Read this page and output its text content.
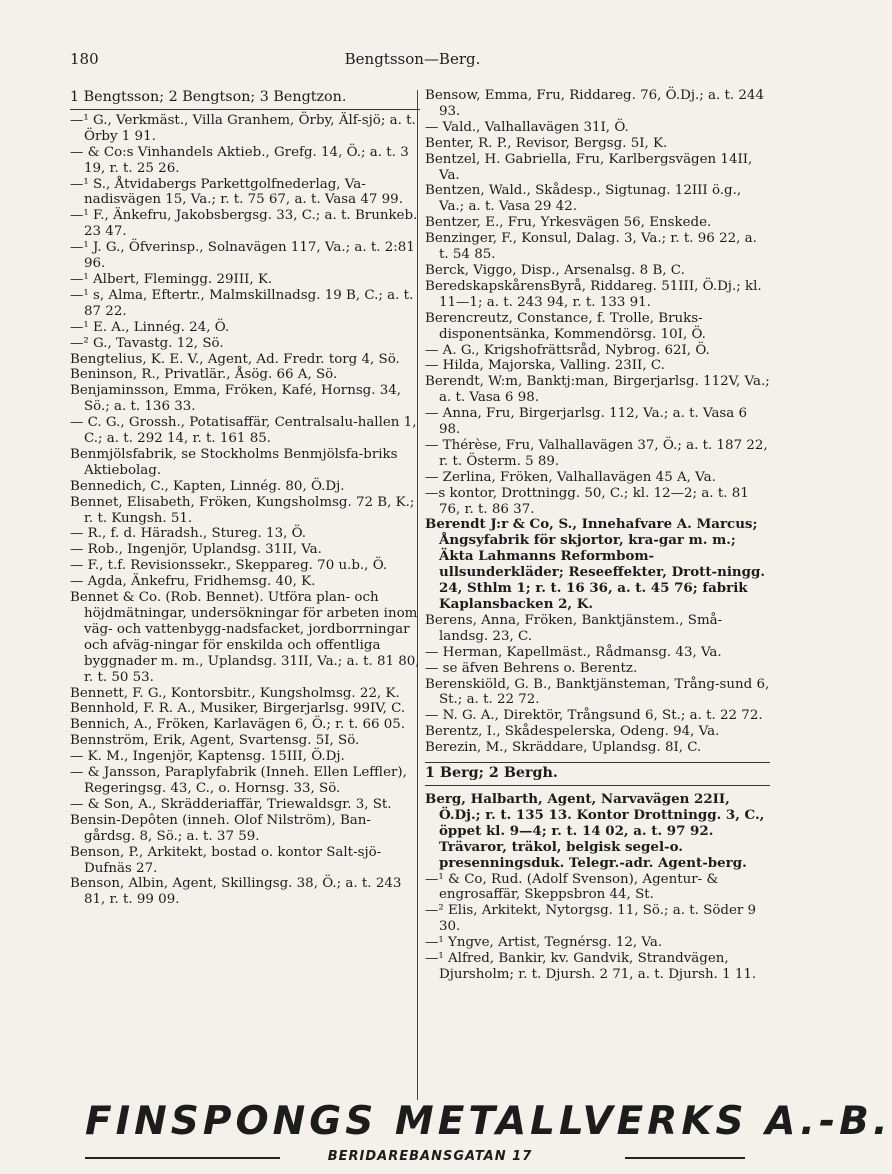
180	Bengtsson—Berg.
1 Bengtsson; 2 Bengtson; 3 Bengtzon.

—¹ G., Verkmäst., Villa Granhem, Örby, Älf-sjö; a. t. Örby 1 91.

— & Co:s Vinhandels Aktieb., Grefg. 14, Ö.; a. t. 3 19, r. t. 25 26.

—¹ S., Åtvidabergs Parkettgolfnederlag, Va-nadisvägen 15, Va.; r. t. 75 67, a. t. Vasa 47 99.

—¹ F., Änkefru, Jakobsbergsg. 33, C.; a. t. Brunkeb. 23 47.

—¹ J. G., Öfverinsp., Solnavägen 117, Va.; a. t. 2:81 96.

—¹ Albert, Flemingg. 29III, K.

—¹ s, Alma, Eftertr., Malmskillnadsg. 19 B, C.; a. t. 87 22.

—¹ E. A., Linnég. 24, Ö.

—² G., Tavastg. 12, Sö.

Bengtelius, K. E. V., Agent, Ad. Fredr. torg 4, Sö.

Beninson, R., Privatlär., Åsög. 66 A, Sö.

Benjaminsson, Emma, Fröken, Kafé, Hornsg. 34, Sö.; a. t. 136 33.

— C. G., Grossh., Potatisaffär, Centralsalu-hallen 1, C.; a. t. 292 14, r. t. 161 85.

Benmjölsfabrik, se Stockholms Benmjölsfa-briks Aktiebolag.

Bennedich, C., Kapten, Linnég. 80, Ö.Dj.

Bennet, Elisabeth, Fröken, Kungsholmsg. 72 B, K.; r. t. Kungsh. 51.

— R., f. d. Häradsh., Stureg. 13, Ö.

— Rob., Ingenjör, Uplandsg. 31II, Va.

— F., t.f. Revisionssekr., Skeppareg. 70 u.b., Ö.

— Agda, Änkefru, Fridhemsg. 40, K.

Bennet & Co. (Rob. Bennet). Utföra plan- och höjdmätningar, undersökningar för arbeten inom väg- och vattenbygg-nadsfacket, jordborrningar och afväg-ningar för enskilda och offentliga byggnader m. m., Uplandsg. 31II, Va.; a. t. 81 80, r. t. 50 53.

Bennett, F. G., Kontorsbitr., Kungsholmsg. 22, K.

Bennhold, F. R. A., Musiker, Birgerjarlsg. 99IV, C.

Bennich, A., Fröken, Karlavägen 6, Ö.; r. t. 66 05.

Bennström, Erik, Agent, Svartensg. 5I, Sö.

— K. M., Ingenjör, Kaptensg. 15III, Ö.Dj.

— & Jansson, Paraplyfabrik (Inneh. Ellen Leffler), Regeringsg. 43, C., o. Hornsg. 33, Sö.

— & Son, A., Skrädderiaffär, Triewaldsgr. 3, St.

Bensin-Depôten (inneh. Olof Nilström), Ban-gårdsg. 8, Sö.; a. t. 37 59.

Benson, P., Arkitekt, bostad o. kontor Salt-sjö-Dufnäs 27.

Benson, Albin, Agent, Skillingsg. 38, Ö.; a. t. 243 81, r. t. 99 09.

Bensow, Emma, Fru, Riddareg. 76, Ö.Dj.; a. t. 244 93.

— Vald., Valhallavägen 31I, Ö.

Benter, R. P., Revisor, Bergsg. 5I, K.

Bentzel, H. Gabriella, Fru, Karlbergsvägen 14II, Va.

Bentzen, Wald., Skådesp., Sigtunag. 12III ö.g., Va.; a. t. Vasa 29 42.

Bentzer, E., Fru, Yrkesvägen 56, Enskede.

Benzinger, F., Konsul, Dalag. 3, Va.; r. t. 96 22, a. t. 54 85.

Berck, Viggo, Disp., Arsenalsg. 8 B, C.

BeredskapskårensByrå, Riddareg. 51III, Ö.Dj.; kl. 11—1; a. t. 243 94, r. t. 133 91.

Berencreutz, Constance, f. Trolle, Bruks-disponentsänka, Kommendörsg. 10I, Ö.

— A. G., Krigshofrättsråd, Nybrog. 62I, Ö.

— Hilda, Majorska, Valling. 23II, C.

Berendt, W:m, Banktj:man, Birgerjarlsg. 112V, Va.; a. t. Vasa 6 98.

— Anna, Fru, Birgerjarlsg. 112, Va.; a. t. Vasa 6 98.

— Thérèse, Fru, Valhallavägen 37, Ö.; a. t. 187 22, r. t. Österm. 5 89.

— Zerlina, Fröken, Valhallavägen 45 A, Va.

—s kontor, Drottningg. 50, C.; kl. 12—2; a. t. 81 76, r. t. 86 37.

Berendt J:r & Co, S., Innehafvare A. Marcus; Ångsyfabrik för skjortor, kra-gar m. m.; Äkta Lahmanns Reformbom-ullsunderkläder; Reseeffekter, Drott-ningg. 24, Sthlm 1; r. t. 16 36, a. t. 45 76; fabrik Kaplansbacken 2, K.

Berens, Anna, Fröken, Banktjänstem., Små-landsg. 23, C.

— Herman, Kapellmäst., Rådmansg. 43, Va.

— se äfven Behrens o. Berentz.

Berenskiöld, G. B., Banktjänsteman, Trång-sund 6, St.; a. t. 22 72.

— N. G. A., Direktör, Trångsund 6, St.; a. t. 22 72.

Berentz, I., Skådespelerska, Odeng. 94, Va.

Berezin, M., Skräddare, Uplandsg. 8I, C.

1 Berg; 2 Bergh.

Berg, Halbarth, Agent, Narvavägen 22II, Ö.Dj.; r. t. 135 13. Kontor Drottningg. 3, C., öppet kl. 9—4; r. t. 14 02, a. t. 97 92. Trävaror, träkol, belgisk segel-o. presenningsduk. Telegr.-adr. Agent-berg.

—¹ & Co, Rud. (Adolf Svenson), Agentur- & engrosaffär, Skeppsbron 44, St.

—² Elis, Arkitekt, Nytorgsg. 11, Sö.; a. t. Söder 9 30.

—¹ Yngve, Artist, Tegnérsg. 12, Va.

—¹ Alfred, Bankir, kv. Gandvik, Strandvägen, Djursholm; r. t. Djursh. 2 71, a. t. Djursh. 1 11.

FINSPONGS METALLVERKS A.-B.
BERIDAREBANSGATAN 17
